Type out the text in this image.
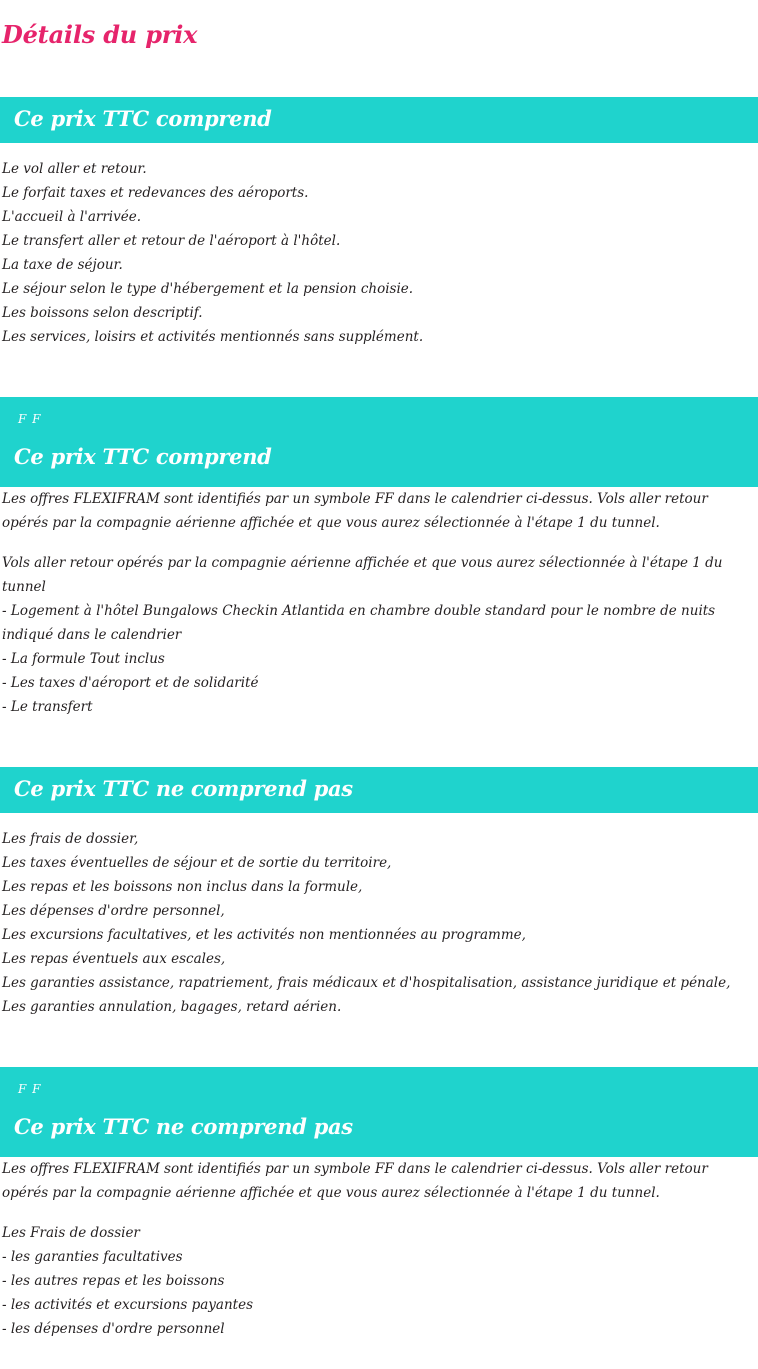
Détails du prix
Ce prix TTC comprend
Le vol aller et retour.
Le forfait taxes et redevances des aéroports.
L'accueil à l'arrivée.
Le transfert aller et retour de l'aéroport à l'hôtel.
La taxe de séjour.
Le séjour selon le type d'hébergement et la pension choisie.
Les boissons selon descriptif.
Les services, loisirs et activités mentionnés sans supplément.
F F
Ce prix TTC comprend

Les offres FLEXIFRAM sont identifiés par un symbole FF dans le calendrier ci-dessus. Vols aller retour opérés par la compagnie aérienne affichée et que vous aurez sélectionnée à l'étape 1 du tunnel.

Vols aller retour opérés par la compagnie aérienne affichée et que vous aurez sélectionnée à l'étape 1 du tunnel
- Logement à l'hôtel Bungalows Checkin Atlantida en chambre double standard pour le nombre de nuits indiqué dans le calendrier
- La formule Tout inclus
- Les taxes d'aéroport et de solidarité
- Le transfert
Ce prix TTC ne comprend pas
Les frais de dossier,
Les taxes éventuelles de séjour et de sortie du territoire,
Les repas et les boissons non inclus dans la formule,
Les dépenses d'ordre personnel,
Les excursions facultatives, et les activités non mentionnées au programme,
Les repas éventuels aux escales,
Les garanties assistance, rapatriement, frais médicaux et d'hospitalisation, assistance juridique et pénale,
Les garanties annulation, bagages, retard aérien.
F F
Ce prix TTC ne comprend pas

Les offres FLEXIFRAM sont identifiés par un symbole FF dans le calendrier ci-dessus. Vols aller retour opérés par la compagnie aérienne affichée et que vous aurez sélectionnée à l'étape 1 du tunnel.

Les Frais de dossier
- les garanties facultatives
- les autres repas et les boissons
- les activités et excursions payantes
- les dépenses d'ordre personnel
